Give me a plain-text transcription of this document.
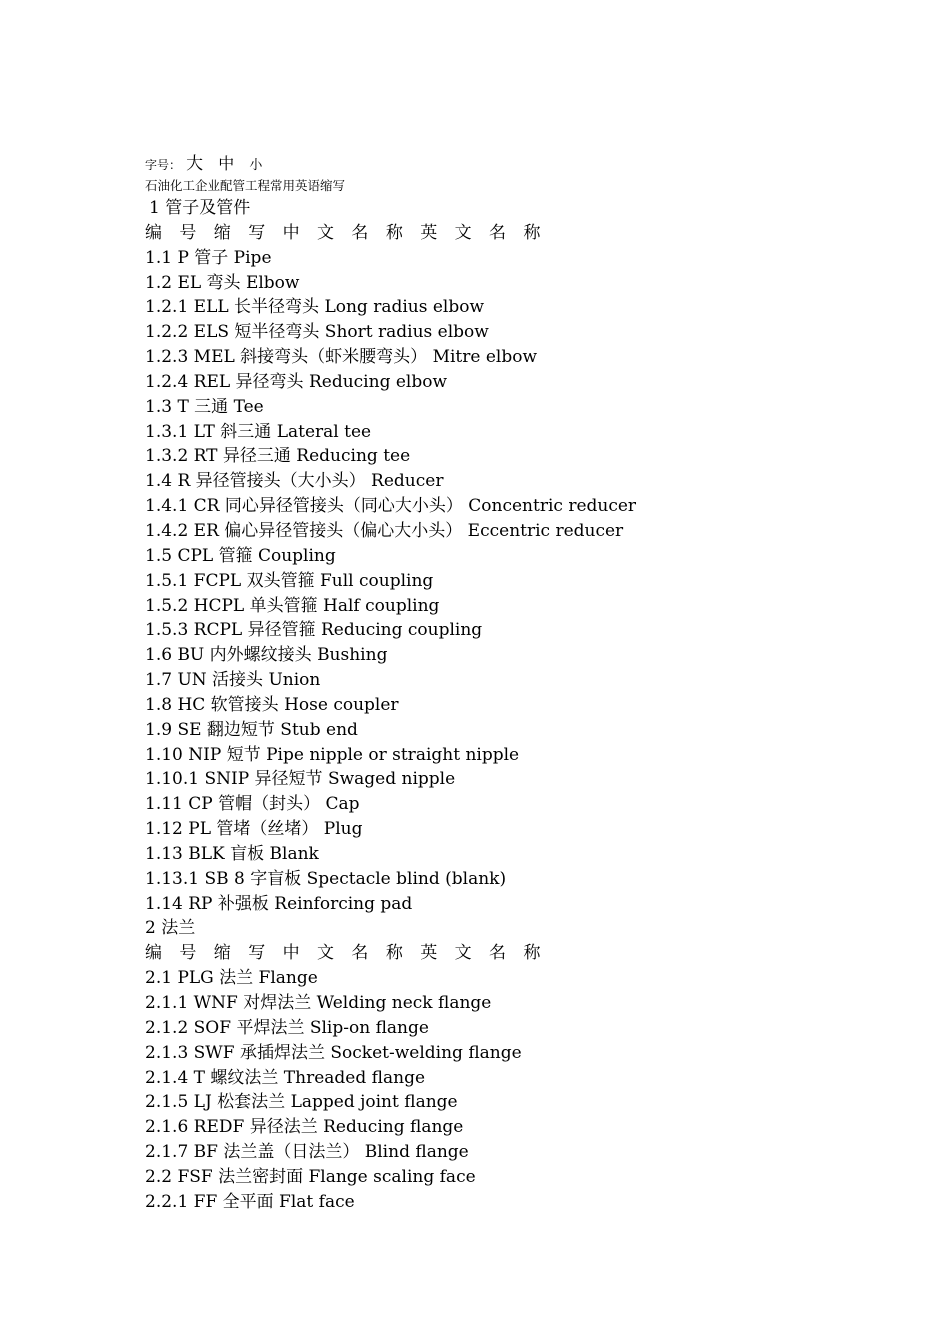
字号： 大 中 小
石油化工企业配管工程常用英语缩写
1 管子及管件
编 号 缩 写 中 文 名 称 英 文 名 称
1.1 P 管子 Pipe
1.2 EL 弯头 Elbow
1.2.1 ELL 长半径弯头 Long radius elbow
1.2.2 ELS 短半径弯头 Short radius elbow
1.2.3 MEL 斜接弯头（虾米腰弯头） Mitre elbow
1.2.4 REL 异径弯头 Reducing elbow
1.3 T 三通 Tee
1.3.1 LT 斜三通 Lateral tee
1.3.2 RT 异径三通 Reducing tee
1.4 R 异径管接头（大小头） Reducer
1.4.1 CR 同心异径管接头（同心大小头） Concentric reducer
1.4.2 ER 偏心异径管接头（偏心大小头） Eccentric reducer
1.5 CPL 管箍 Coupling
1.5.1 FCPL 双头管箍 Full coupling
1.5.2 HCPL 单头管箍 Half coupling
1.5.3 RCPL 异径管箍 Reducing coupling
1.6 BU 内外螺纹接头 Bushing
1.7 UN 活接头 Union
1.8 HC 软管接头 Hose coupler
1.9 SE 翻边短节 Stub end
1.10 NIP 短节 Pipe nipple or straight nipple
1.10.1 SNIP 异径短节 Swaged nipple
1.11 CP 管帽（封头） Cap
1.12 PL 管堵（丝堵） Plug
1.13 BLK 盲板 Blank
1.13.1 SB 8 字盲板 Spectacle blind (blank)
1.14 RP 补强板 Reinforcing pad
2 法兰
编 号 缩 写 中 文 名 称 英 文 名 称
2.1 PLG 法兰 Flange
2.1.1 WNF 对焊法兰 Welding neck flange
2.1.2 SOF 平焊法兰 Slip-on flange
2.1.3 SWF 承插焊法兰 Socket-welding flange
2.1.4 T 螺纹法兰 Threaded flange
2.1.5 LJ 松套法兰 Lapped joint flange
2.1.6 REDF 异径法兰 Reducing flange
2.1.7 BF 法兰盖（日法兰） Blind flange
2.2 FSF 法兰密封面 Flange scaling face
2.2.1 FF 全平面 Flat face
